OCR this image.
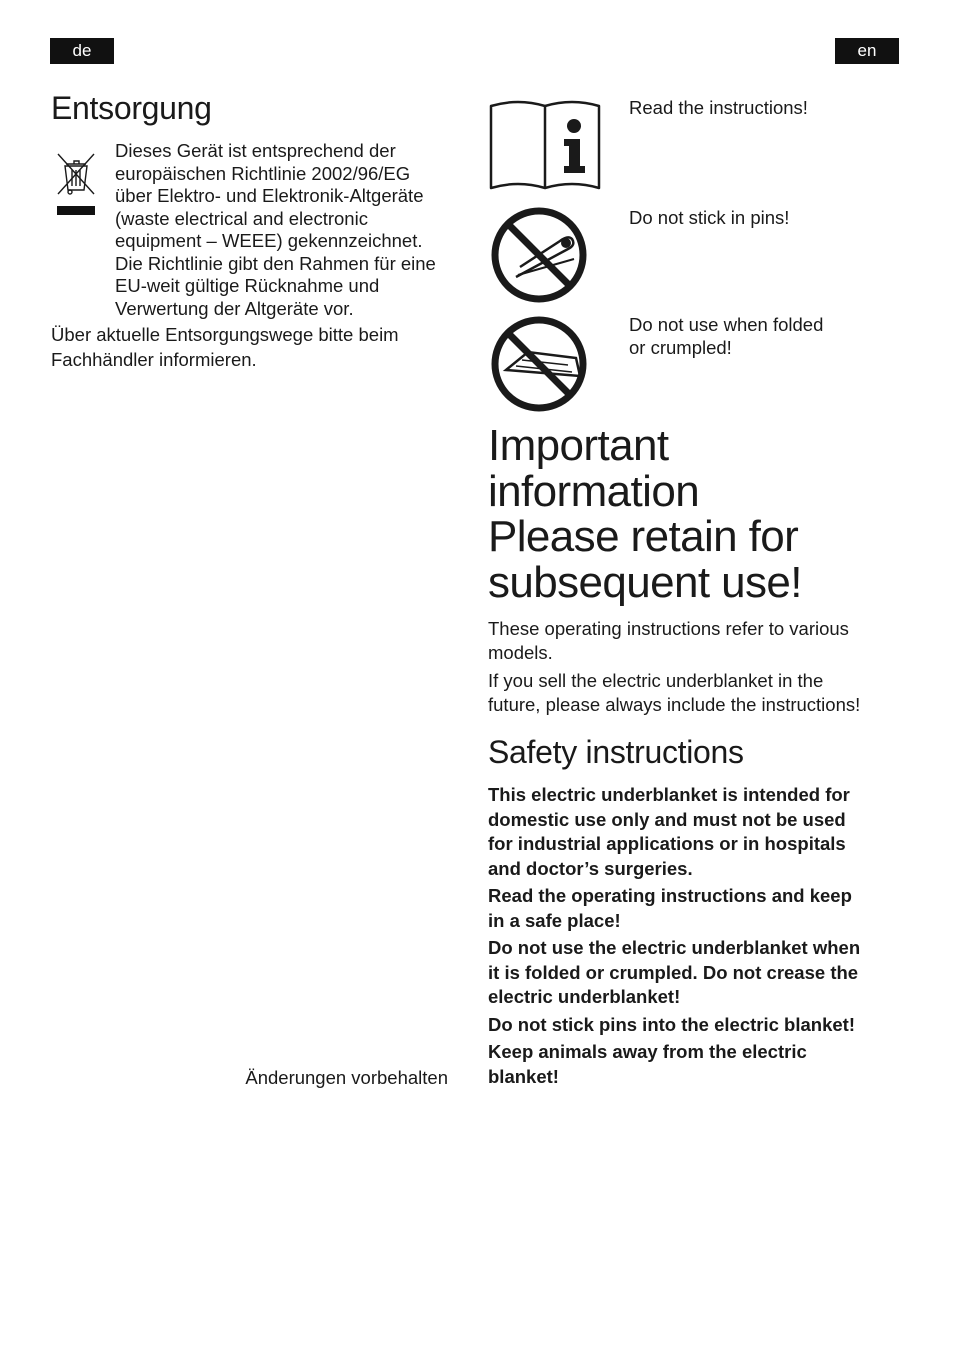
de	en
Entsorgung

Dieses Gerät ist entsprechend der
europäischen Richtlinie 2002/96/EG
über Elektro- und Elektronik-Altgeräte
(waste electrical and electronic
equipment – WEEE) gekennzeichnet.
Die Richtlinie gibt den Rahmen für eine
EU-weit gültige Rücknahme und
Verwertung der Altgeräte vor.

Über aktuelle Entsorgungswege bitte beim
Fachhändler informieren.

Änderungen vorbehalten

Read the instructions!

Do not stick in pins!

Do not use when folded
or crumpled!

Important
information
Please retain for
subsequent use!

These operating instructions refer to various
models.

If you sell the electric underblanket in the
future, please always include the instructions!

Safety instructions

This electric underblanket is intended for
domestic use only and must not be used
for industrial applications or in hospitals
and doctor’s surgeries.

Read the operating instructions and keep
in a safe place!

Do not use the electric underblanket when
it is folded or crumpled. Do not crease the
electric underblanket!

Do not stick pins into the electric blanket!

Keep animals away from the electric
blanket!
